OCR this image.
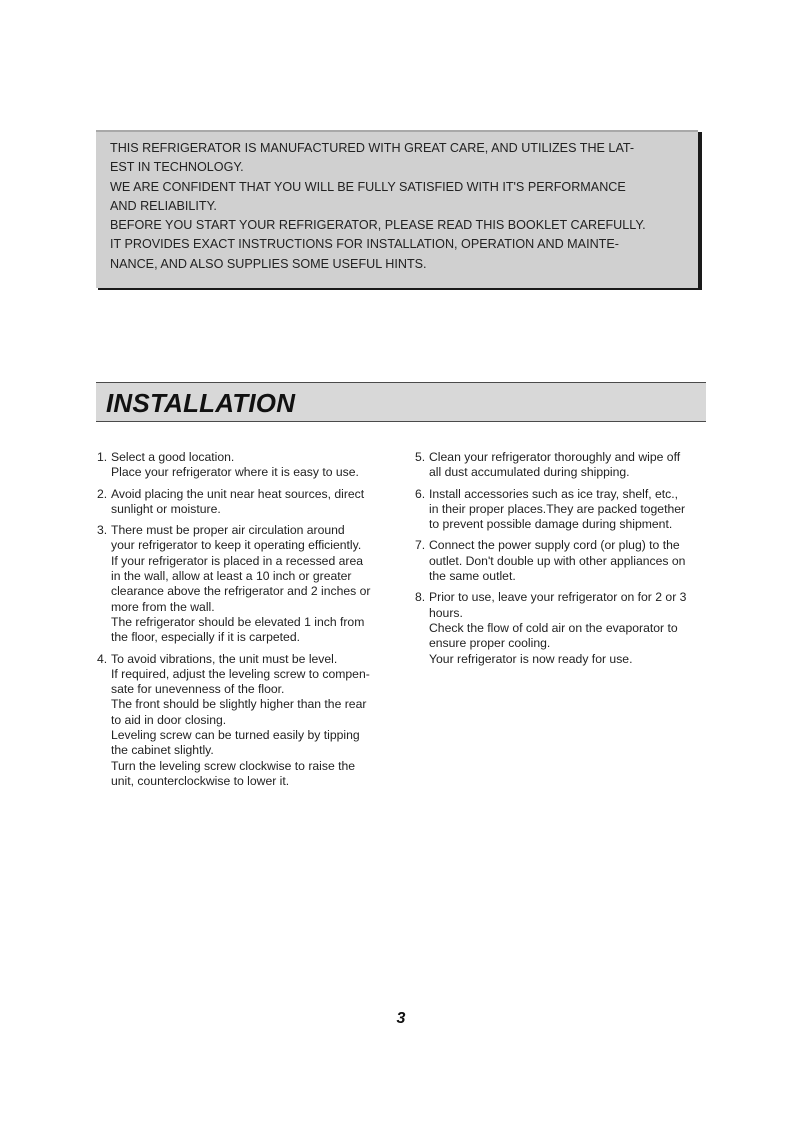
THIS REFRIGERATOR IS MANUFACTURED WITH GREAT CARE, AND UTILIZES THE LAT-
EST IN TECHNOLOGY.
WE ARE CONFIDENT THAT YOU WILL BE FULLY SATISFIED WITH IT'S PERFORMANCE
AND RELIABILITY.
BEFORE YOU START YOUR REFRIGERATOR, PLEASE READ THIS BOOKLET CAREFULLY.
IT PROVIDES EXACT INSTRUCTIONS FOR INSTALLATION, OPERATION AND MAINTE-
NANCE, AND ALSO SUPPLIES SOME USEFUL HINTS.
INSTALLATION
1. Select a good location.
Place your refrigerator where it is easy to use.
2. Avoid placing the unit near heat sources, direct
sunlight or moisture.
3. There must be proper air circulation around
your refrigerator to keep it operating efficiently.
If your refrigerator is placed in a recessed area
in the wall, allow at least a 10 inch or greater
clearance above the refrigerator and 2 inches or
more from the wall.
The refrigerator should be elevated 1 inch from
the floor, especially if it is carpeted.
4. To avoid vibrations, the unit must be level.
If required, adjust the leveling screw to compen-
sate for unevenness of the floor.
The front should be slightly higher than the rear
to aid in door closing.
Leveling screw can be turned easily by tipping
the cabinet slightly.
Turn the leveling screw clockwise to raise the
unit, counterclockwise to lower it.
5. Clean your refrigerator thoroughly and wipe off
all dust accumulated during shipping.
6. Install accessories such as ice tray, shelf, etc.,
in their proper places.They are packed together
to prevent possible damage during shipment.
7. Connect the power supply cord (or plug) to the
outlet. Don't double up with other appliances on
the same outlet.
8. Prior to use, leave your refrigerator on for 2 or 3
hours.
Check the flow of cold air on the evaporator to
ensure proper cooling.
Your refrigerator is now ready for use.
3
